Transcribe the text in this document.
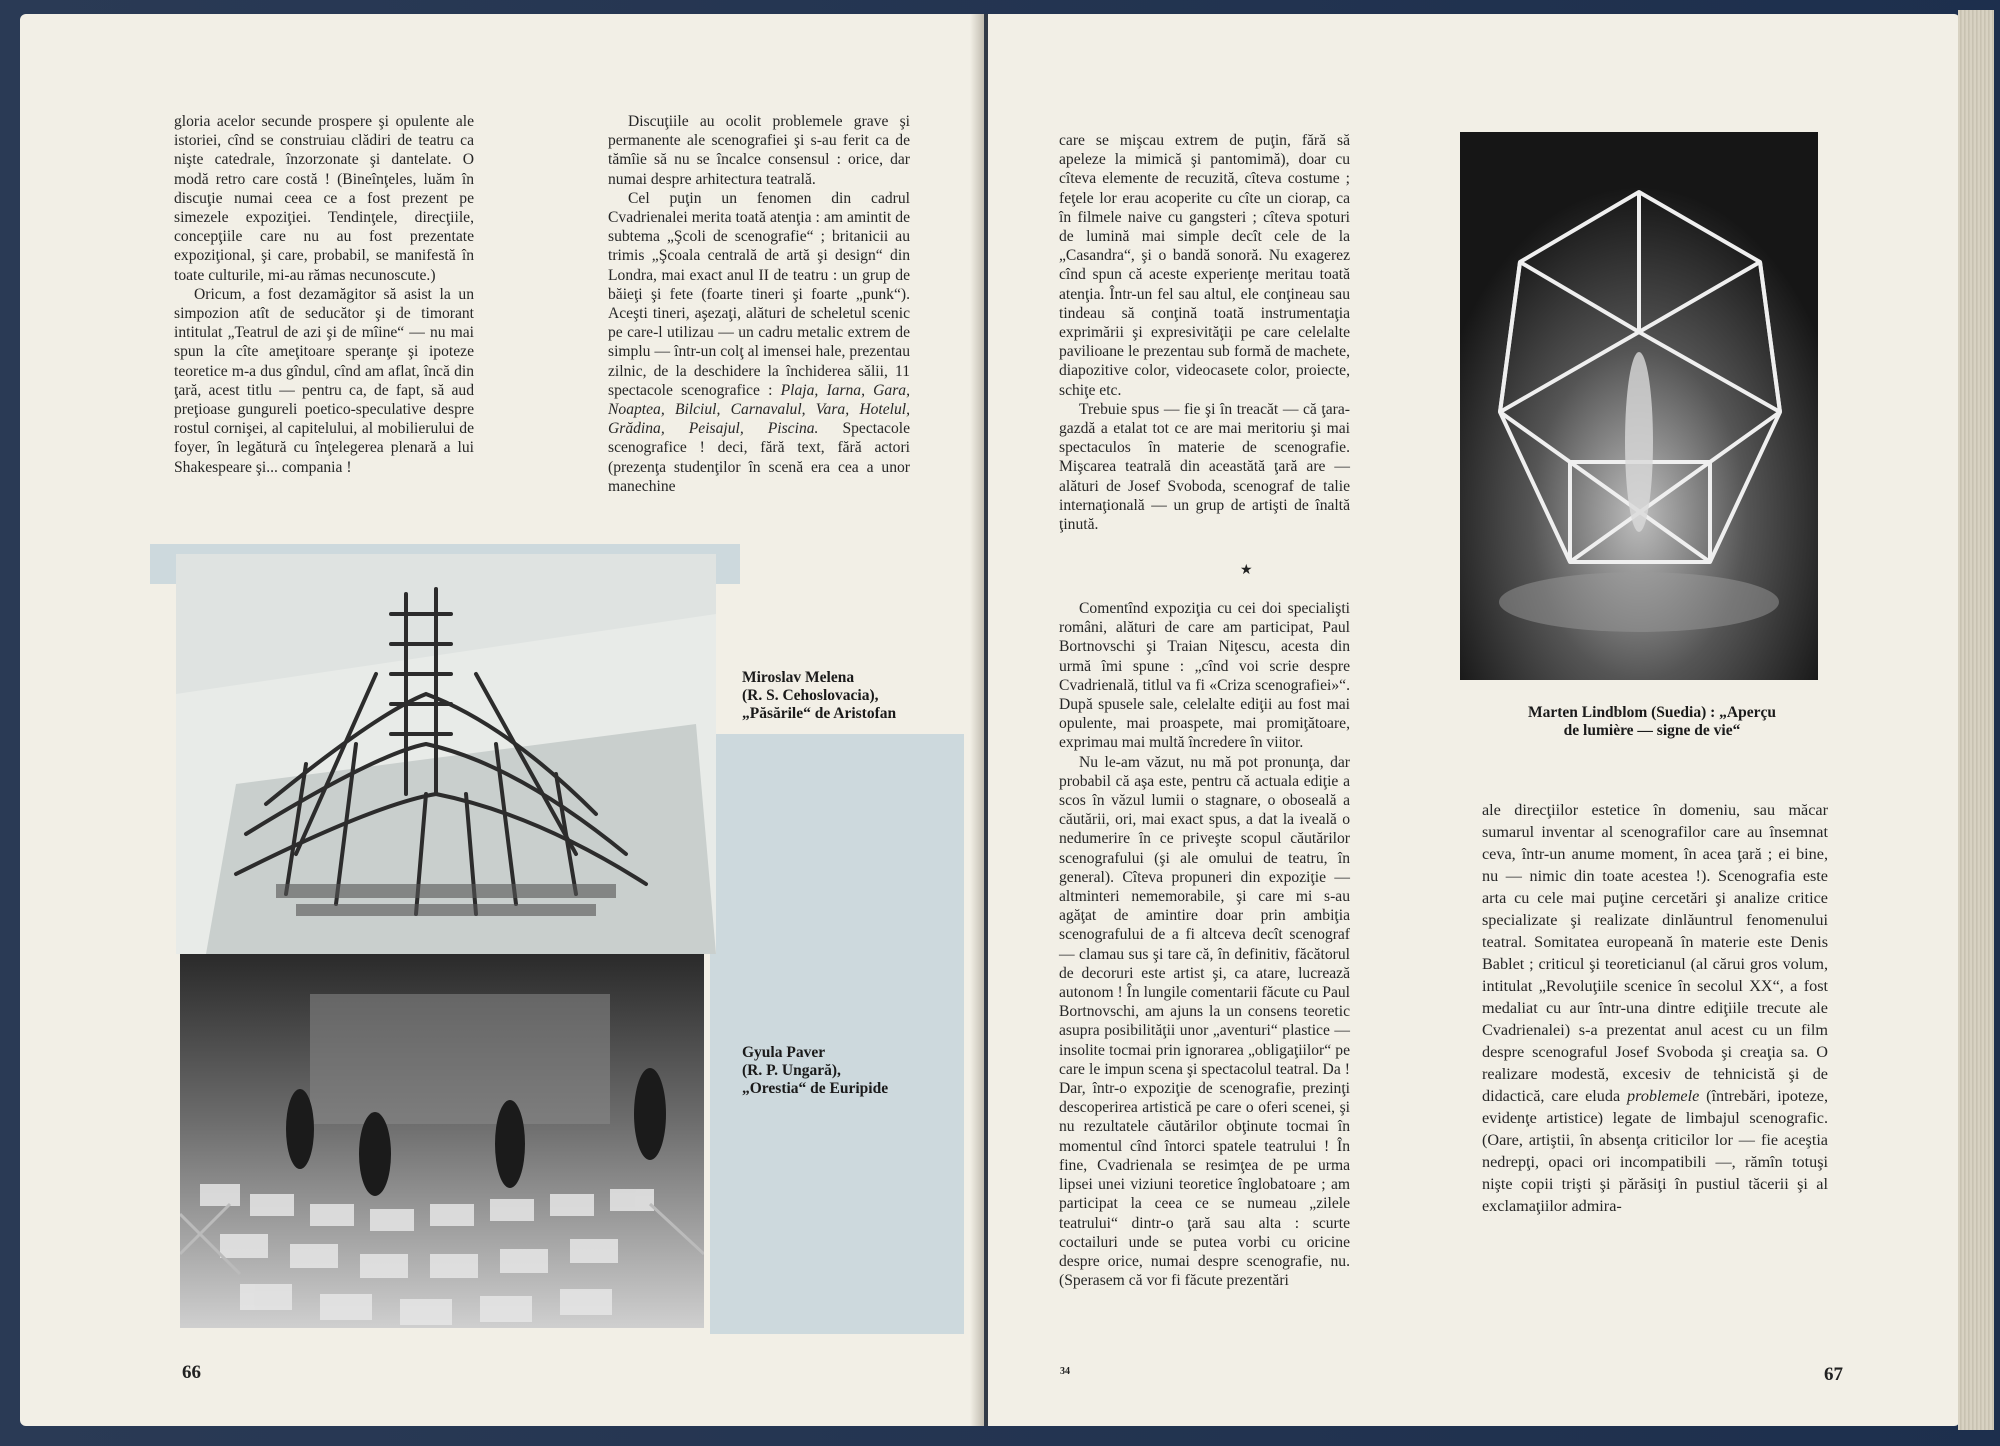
gloria acelor secunde prospere şi opulente ale istoriei, cînd se construiau clădiri de teatru ca nişte catedrale, înzorzonate şi dantelate. O modă retro care costă ! (Bineînţeles, luăm în discuţie numai ceea ce a fost prezent pe simezele expoziţiei. Tendinţele, direcţiile, concepţiile care nu au fost prezentate expoziţional, şi care, probabil, se manifestă în toate culturile, mi-au rămas necunoscute.)

Oricum, a fost dezamăgitor să asist la un simpozion atît de seducător şi de timorant intitulat „Teatrul de azi şi de mîine“ — nu mai spun la cîte ameţitoare speranţe şi ipoteze teoretice m-a dus gîndul, cînd am aflat, încă din ţară, acest titlu — pentru ca, de fapt, să aud preţioase gungureli poetico-speculative despre rostul cornişei, al capitelului, al mobilierului de foyer, în legătură cu înţelegerea plenară a lui Shakespeare şi... compania !

Discuţiile au ocolit problemele grave şi permanente ale scenografiei şi s-au ferit ca de tămîie să nu se încalce consensul : orice, dar numai despre arhitectura teatrală.

Cel puţin un fenomen din cadrul Cvadrienalei merita toată atenţia : am amintit de subtema „Şcoli de scenografie“ ; britanicii au trimis „Şcoala centrală de artă şi design“ din Londra, mai exact anul II de teatru : un grup de băieţi şi fete (foarte tineri şi foarte „punk“). Aceşti tineri, aşezaţi, alături de scheletul scenic pe care-l utilizau — un cadru metalic extrem de simplu — într-un colţ al imensei hale, prezentau zilnic, de la deschidere la închiderea sălii, 11 spectacole scenografice : Plaja, Iarna, Gara, Noaptea, Bilciul, Carnavalul, Vara, Hotelul, Grădina, Peisajul, Piscina. Spectacole scenografice ! deci, fără text, fără actori (prezenţa studenţilor în scenă era cea a unor manechine

Miroslav Melena
(R. S. Cehoslovacia),
„Păsările“ de Aristofan
Gyula Paver
(R. P. Ungară),
„Orestia“ de Euripide
66

care se mişcau extrem de puţin, fără să apeleze la mimică şi pantomimă), doar cu cîteva elemente de recuzită, cîteva costume ; feţele lor erau acoperite cu cîte un ciorap, ca în filmele naive cu gangsteri ; cîteva spoturi de lumină mai simple decît cele de la „Casandra“, şi o bandă sonoră. Nu exagerez cînd spun că aceste experienţe meritau toată atenţia. Într-un fel sau altul, ele conţineau sau tindeau să conţină toată instrumentaţia exprimării şi expresivităţii pe care celelalte pavilioane le prezentau sub formă de machete, diapozitive color, videocasete color, proiecte, schiţe etc.

Trebuie spus — fie şi în treacăt — că ţara-gazdă a etalat tot ce are mai meritoriu şi mai spectaculos în materie de scenografie. Mişcarea teatrală din aceastătă ţară are — alături de Josef Svoboda, scenograf de talie internaţională — un grup de artişti de înaltă ţinută.

★

Comentînd expoziţia cu cei doi specialişti români, alături de care am participat, Paul Bortnovschi şi Traian Niţescu, acesta din urmă îmi spune : „cînd voi scrie despre Cvadrienală, titlul va fi «Criza scenografiei»“. După spusele sale, celelalte ediţii au fost mai opulente, mai proaspete, mai promiţătoare, exprimau mai multă încredere în viitor.

Nu le-am văzut, nu mă pot pronunţa, dar probabil că aşa este, pentru că actuala ediţie a scos în văzul lumii o stagnare, o oboseală a căutării, ori, mai exact spus, a dat la iveală o nedumerire în ce priveşte scopul căutărilor scenografului (şi ale omului de teatru, în general). Cîteva propuneri din expoziţie — altminteri nememorabile, şi care mi s-au agăţat de amintire doar prin ambiţia scenografului de a fi altceva decît scenograf — clamau sus şi tare că, în definitiv, făcătorul de decoruri este artist şi, ca atare, lucrează autonom ! În lungile comentarii făcute cu Paul Bortnovschi, am ajuns la un consens teoretic asupra posibilităţii unor „aventuri“ plastice — insolite tocmai prin ignorarea „obligaţiilor“ pe care le impun scena şi spectacolul teatral. Da ! Dar, într-o expoziţie de scenografie, prezinţi descoperirea artistică pe care o oferi scenei, şi nu rezultatele căutărilor obţinute tocmai în momentul cînd întorci spatele teatrului ! În fine, Cvadrienala se resimţea de pe urma lipsei unei viziuni teoretice înglobatoare ; am participat la ceea ce se numeau „zilele teatrului“ dintr-o ţară sau alta : scurte coctailuri unde se putea vorbi cu oricine despre orice, numai despre scenografie, nu. (Sperasem că vor fi făcute prezentări

Marten Lindblom (Suedia) : „Aperçu
de lumière — signe de vie“

ale direcţiilor estetice în domeniu, sau măcar sumarul inventar al scenografilor care au însemnat ceva, într-un anume moment, în acea ţară ; ei bine, nu — nimic din toate acestea !). Scenografia este arta cu cele mai puţine cercetări şi analize critice specializate şi realizate dinlăuntrul fenomenului teatral. Somitatea europeană în materie este Denis Bablet ; criticul şi teoreticianul (al cărui gros volum, intitulat „Revoluţiile scenice în secolul XX“, a fost medaliat cu aur într-una dintre ediţiile trecute ale Cvadrienalei) s-a prezentat anul acest cu un film despre scenograful Josef Svoboda şi creaţia sa. O realizare modestă, excesiv de tehnicistă şi de didactică, care eluda problemele (întrebări, ipoteze, evidenţe artistice) legate de limbajul scenografic. (Oare, artiştii, în absenţa criticilor lor — fie aceştia nedrepţi, opaci ori incompatibili —, rămîn totuşi nişte copii trişti şi părăsiţi în pustiul tăcerii şi al exclamaţiilor admira-

34	67
